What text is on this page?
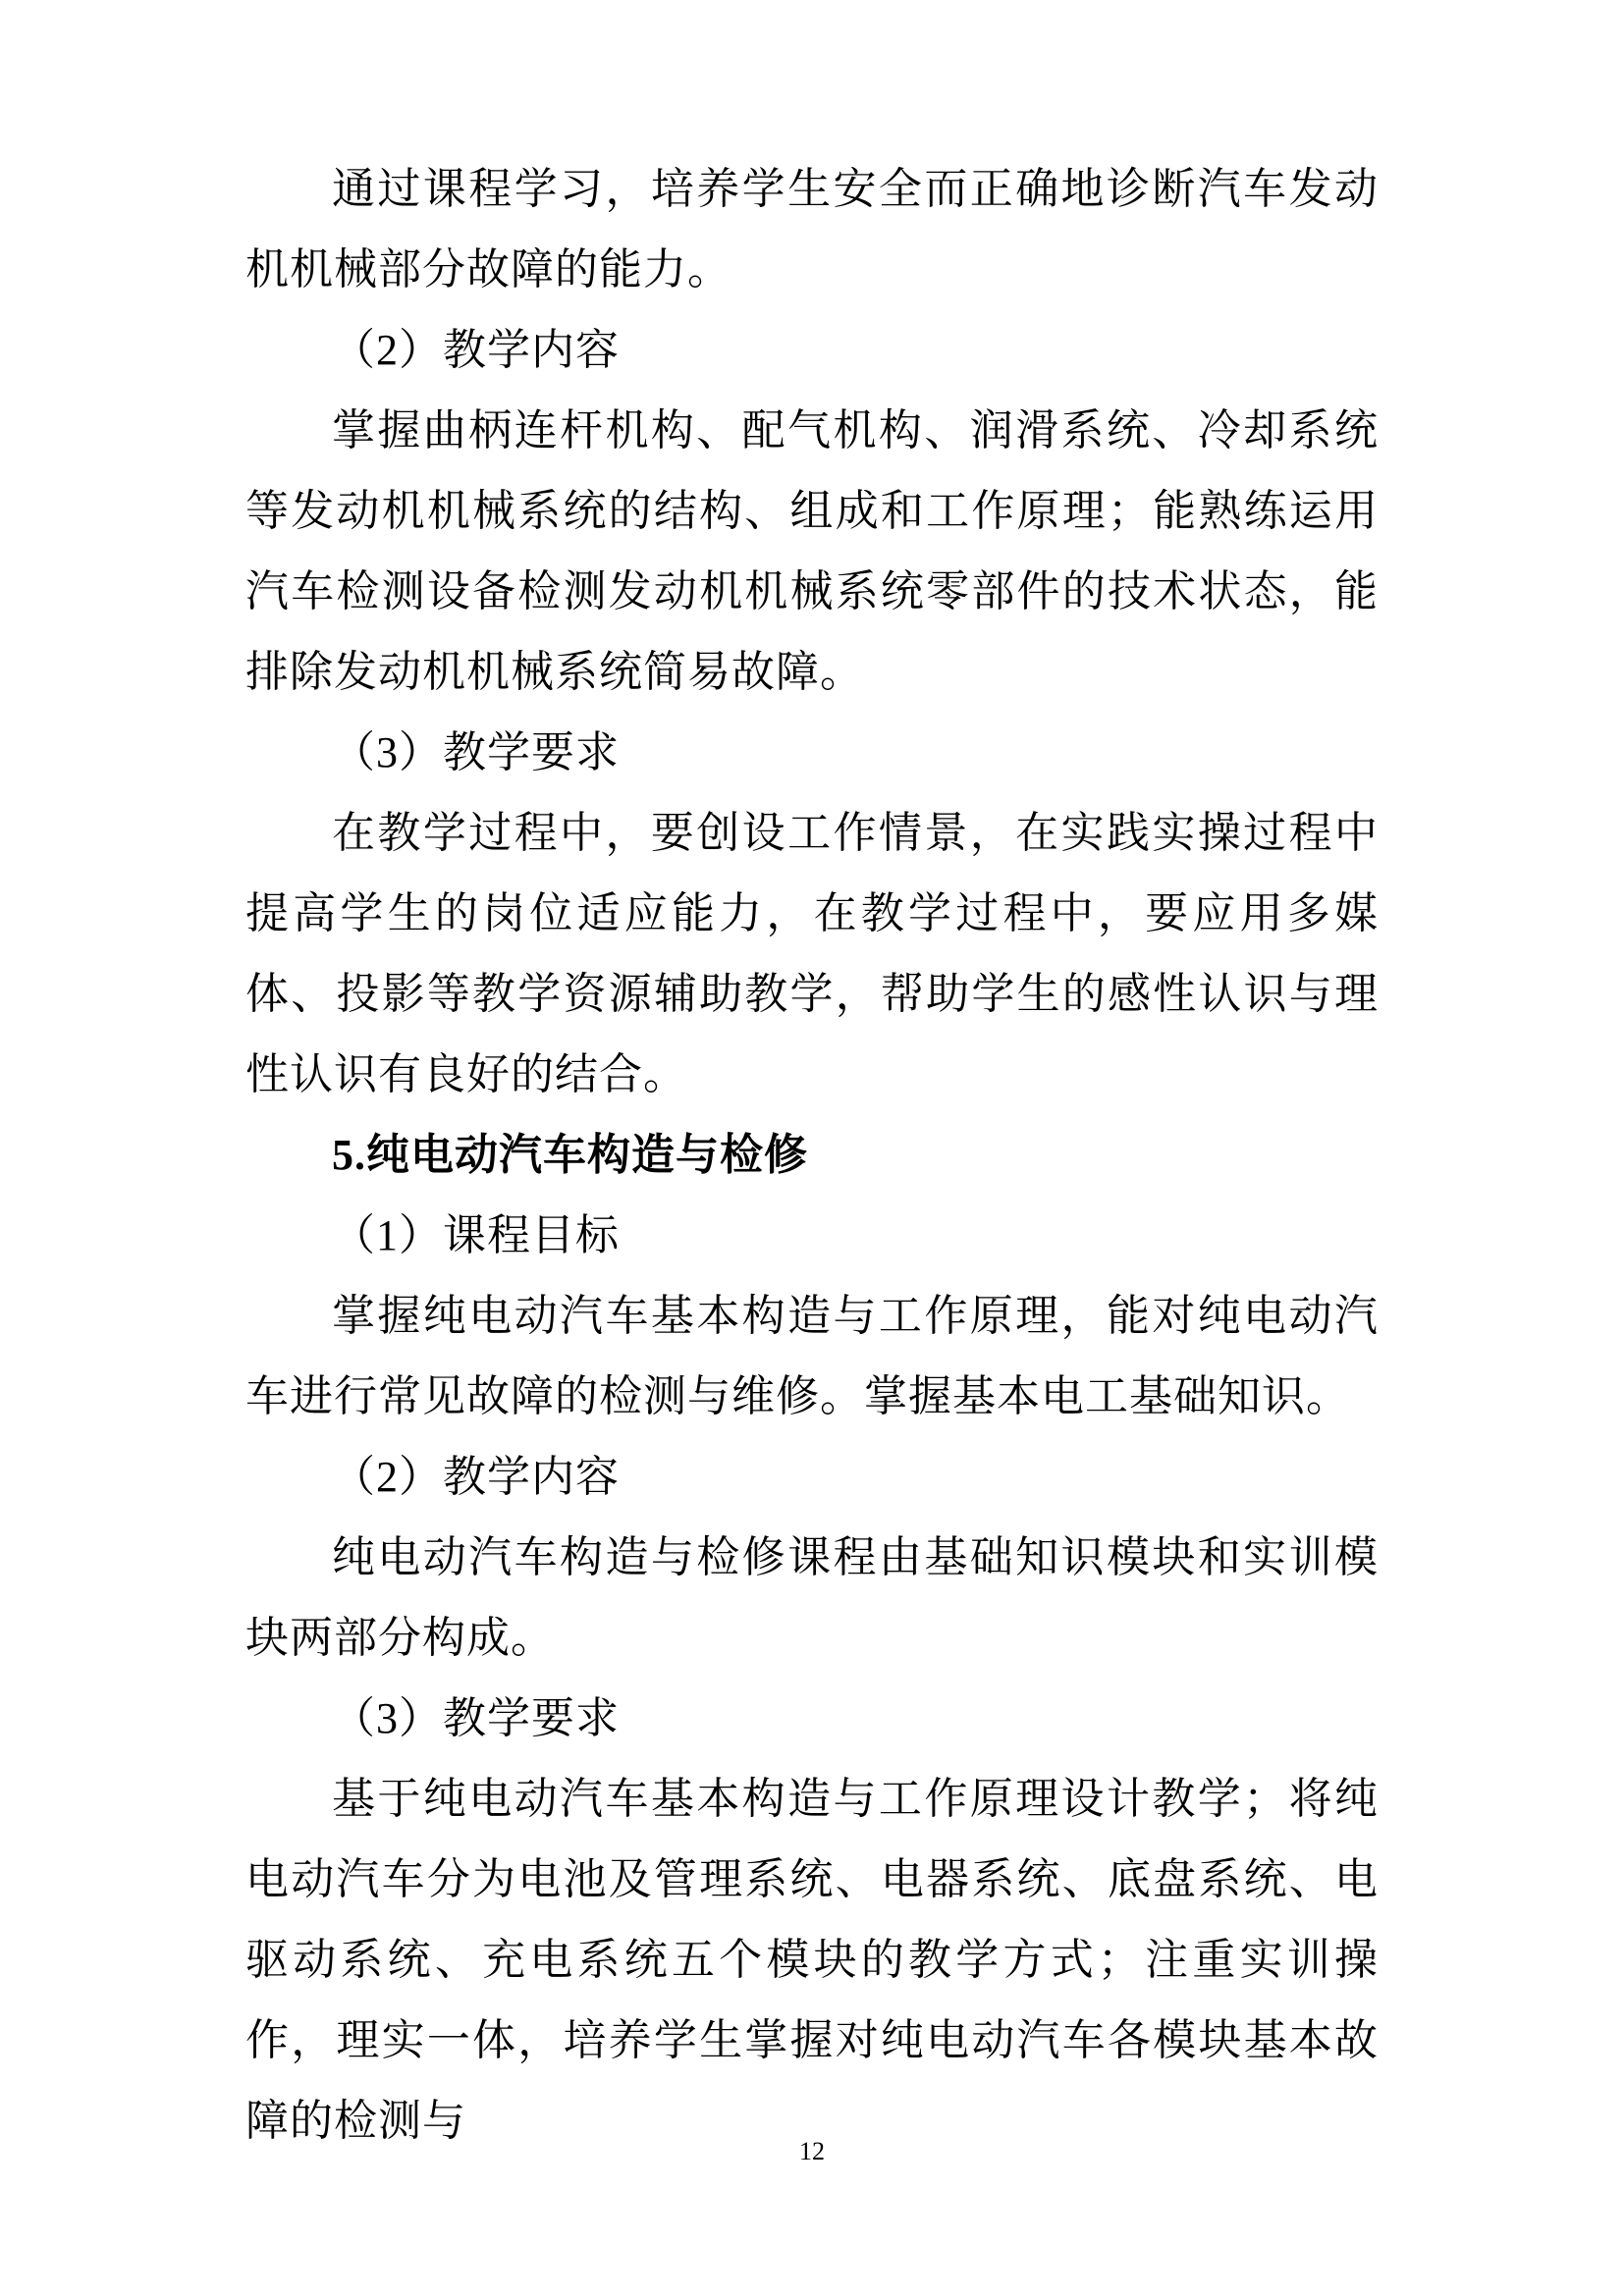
通过课程学习，培养学生安全而正确地诊断汽车发动机机械部分故障的能力。

（2）教学内容

掌握曲柄连杆机构、配气机构、润滑系统、冷却系统等发动机机械系统的结构、组成和工作原理；能熟练运用汽车检测设备检测发动机机械系统零部件的技术状态，能排除发动机机械系统简易故障。

（3）教学要求

在教学过程中，要创设工作情景，在实践实操过程中提高学生的岗位适应能力，在教学过程中，要应用多媒体、投影等教学资源辅助教学，帮助学生的感性认识与理性认识有良好的结合。

5.纯电动汽车构造与检修

（1）课程目标

掌握纯电动汽车基本构造与工作原理，能对纯电动汽车进行常见故障的检测与维修。掌握基本电工基础知识。

（2）教学内容

纯电动汽车构造与检修课程由基础知识模块和实训模块两部分构成。

（3）教学要求

基于纯电动汽车基本构造与工作原理设计教学；将纯电动汽车分为电池及管理系统、电器系统、底盘系统、电驱动系统、充电系统五个模块的教学方式；注重实训操作，理实一体，培养学生掌握对纯电动汽车各模块基本故障的检测与

12
